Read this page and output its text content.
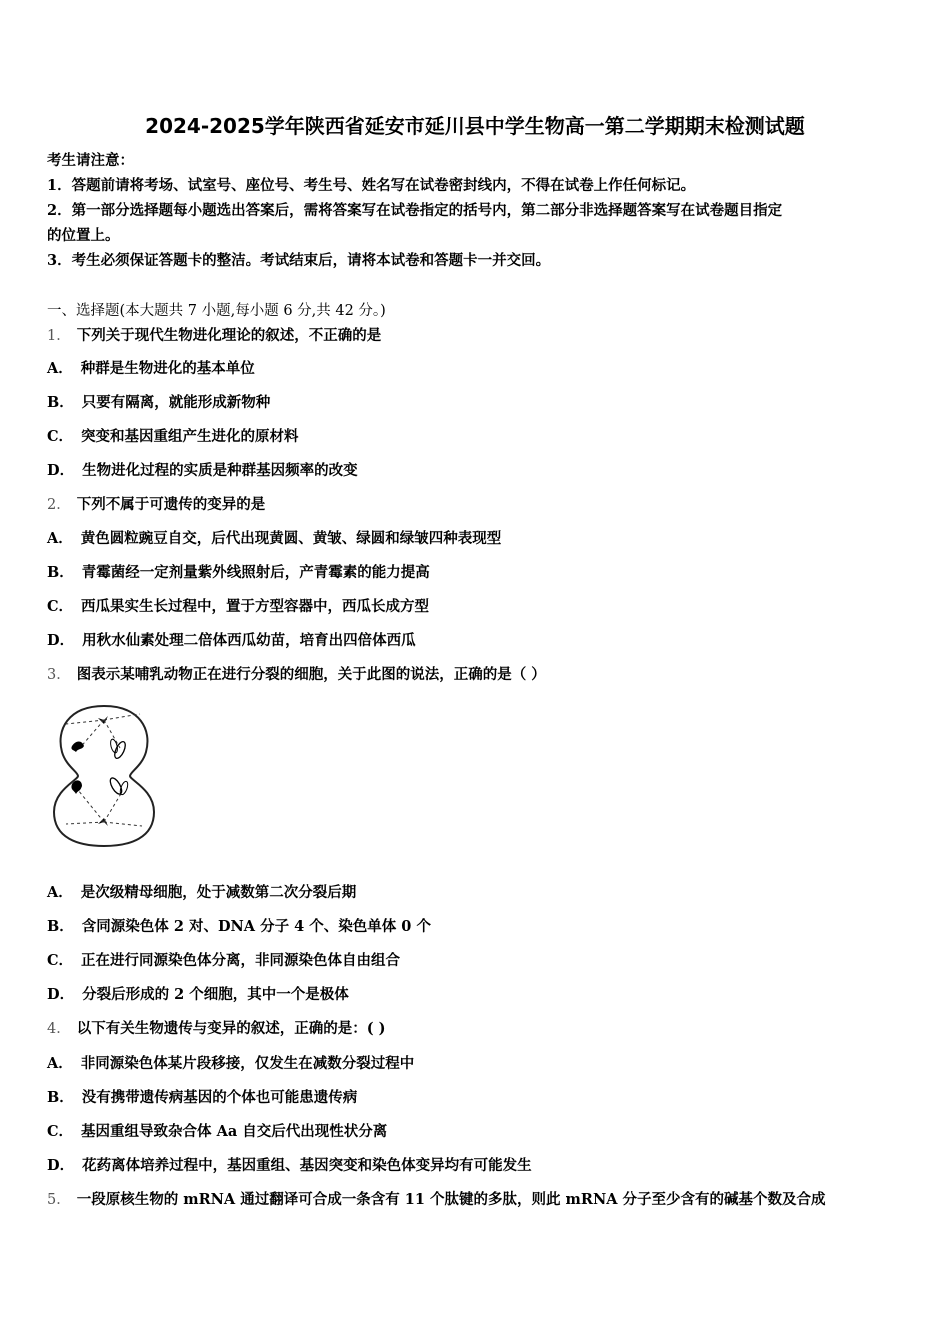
2024-2025学年陕西省延安市延川县中学生物高一第二学期期末检测试题
考生请注意：
1．答题前请将考场、试室号、座位号、考生号、姓名写在试卷密封线内，不得在试卷上作任何标记。
2．第一部分选择题每小题选出答案后，需将答案写在试卷指定的括号内，第二部分非选择题答案写在试卷题目指定
的位置上。
3．考生必须保证答题卡的整洁。考试结束后，请将本试卷和答题卡一并交回。
一、选择题(本大题共 7 小题,每小题 6 分,共 42 分。)
1． 下列关于现代生物进化理论的叙述，不正确的是
A． 种群是生物进化的基本单位
B． 只要有隔离，就能形成新物种
C． 突变和基因重组产生进化的原材料
D． 生物进化过程的实质是种群基因频率的改变
2． 下列不属于可遗传的变异的是
A． 黄色圆粒豌豆自交，后代出现黄圆、黄皱、绿圆和绿皱四种表现型
B． 青霉菌经一定剂量紫外线照射后，产青霉素的能力提高
C． 西瓜果实生长过程中，置于方型容器中，西瓜长成方型
D． 用秋水仙素处理二倍体西瓜幼苗，培育出四倍体西瓜
3． 图表示某哺乳动物正在进行分裂的细胞，关于此图的说法，正确的是（ ）
A． 是次级精母细胞，处于减数第二次分裂后期
B． 含同源染色体 2 对、DNA 分子 4 个、染色单体 0 个
C． 正在进行同源染色体分离，非同源染色体自由组合
D． 分裂后形成的 2 个细胞，其中一个是极体
4． 以下有关生物遗传与变异的叙述，正确的是：( )
A． 非同源染色体某片段移接，仅发生在减数分裂过程中
B． 没有携带遗传病基因的个体也可能患遗传病
C． 基因重组导致杂合体 Aa 自交后代出现性状分离
D． 花药离体培养过程中，基因重组、基因突变和染色体变异均有可能发生
5． 一段原核生物的 mRNA 通过翻译可合成一条含有 11 个肽键的多肽，则此 mRNA 分子至少含有的碱基个数及合成
